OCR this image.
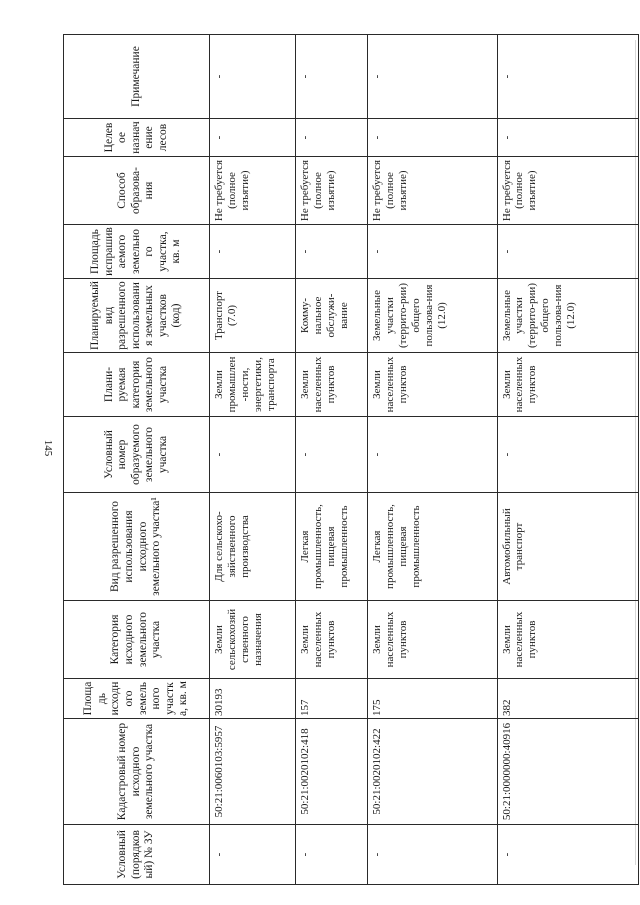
145
Условный (порядковый) № ЗУ	Кадастровый номер исходного земельного участка	Площадь исходного земельного участка, кв. м	Категория исходного земельного участка	Вид разрешенного использования исходного земельного участка¹	Условный номер образуемого земельного участка	Плани-руемая категория земельного участка	Планируемый вид разрешенного использования земельных участков (код)	Площадь испрашиваемого земельного участка, кв. м	Способ образова-ния	Целевое назначение лесов	Примечание
-	50:21:0060103:5957	30193	Земли сельскохозяй ственного назначения	Для сельскохо-зяйственного производства	-	Земли промышлен-ности, энергетики, транспорта	Транспорт (7.0)	-	Не требуется (полное изъятие)	-	-
-	50:21:0020102:418	157	Земли населенных пунктов	Легкая промышленность, пищевая промышленность	-	Земли населенных пунктов	Комму-нальное обслужи-вание	-	Не требуется (полное изъятие)	-	-
-	50:21:0020102:422	175	Земли населенных пунктов	Легкая промышленность, пищевая промышленность	-	Земли населенных пунктов	Земельные участки (террито-рии) общего пользова-ния (12.0)	-	Не требуется (полное изъятие)	-	-
-	50:21:0000000:40916	382	Земли населенных пунктов	Автомобильный транспорт	-	Земли населенных пунктов	Земельные участки (террито-рии) общего пользова-ния (12.0)	-	Не требуется (полное изъятие)	-	-
